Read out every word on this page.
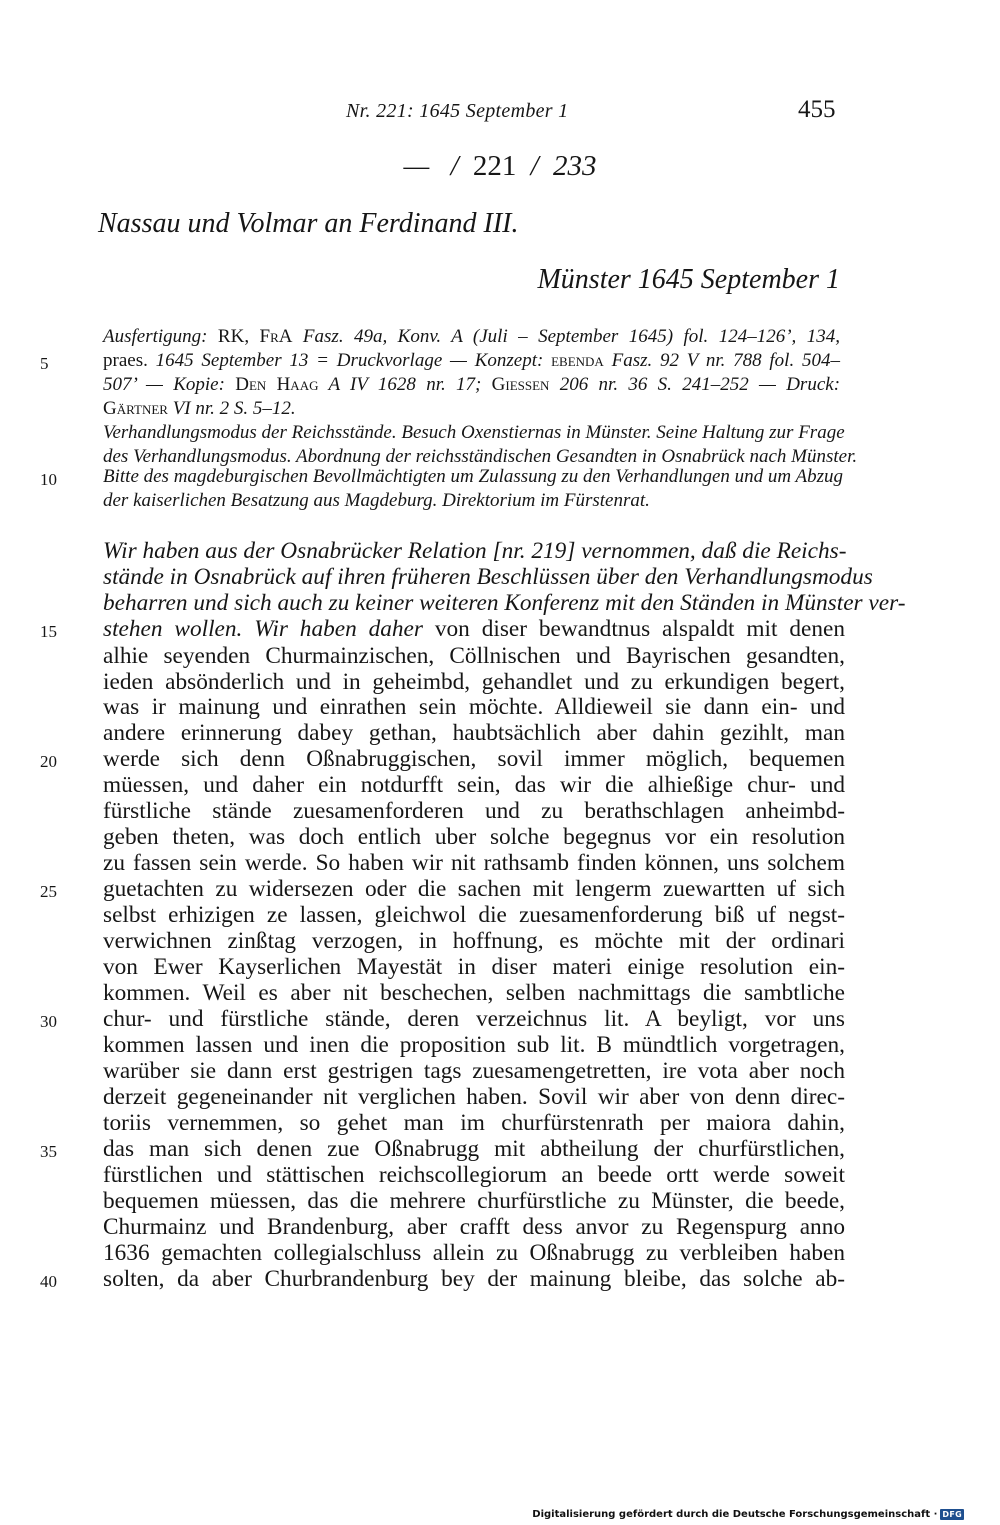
Nr. 221: 1645 September 1	455
— / 221 / 233
Nassau und Volmar an Ferdinand III.
Münster 1645 September 1
Ausfertigung: RK, FrA Fasz. 49a, Konv. A (Juli – September 1645) fol. 124–126’, 134,
5	praes. 1645 September 13 = Druckvorlage — Konzept: ebenda Fasz. 92 V nr. 788 fol. 504–
507’ — Kopie: Den Haag A IV 1628 nr. 17; Giessen 206 nr. 36 S. 241–252 — Druck:
Gärtner VI nr. 2 S. 5–12.
Verhandlungsmodus der Reichsstände. Besuch Oxenstiernas in Münster. Seine Haltung zur Frage
des Verhandlungsmodus. Abordnung der reichsständischen Gesandten in Osnabrück nach Münster.
10 Bitte des magdeburgischen Bevollmächtigten um Zulassung zu den Verhandlungen und um Abzug
der kaiserlichen Besatzung aus Magdeburg. Direktorium im Fürstenrat.
Wir haben aus der Osnabrücker Relation [nr. 219] vernommen, daß die Reichs-
stände in Osnabrück auf ihren früheren Beschlüssen über den Verhandlungsmodus
beharren und sich auch zu keiner weiteren Konferenz mit den Ständen in Münster ver-
15 stehen wollen. Wir haben daher von diser bewandtnus alspaldt mit denen
alhie seyenden Churmainzischen, Cöllnischen und Bayrischen gesandten,
ieden absönderlich und in geheimbd, gehandlet und zu erkundigen begert,
was ir mainung und einrathen sein möchte. Alldieweil sie dann ein- und
andere erinnerung dabey gethan, haubtsächlich aber dahin gezihlt, man
20 werde sich denn Oßnabruggischen, sovil immer möglich, bequemen
müessen, und daher ein notdurfft sein, das wir die alhießige chur- und
fürstliche stände zuesamenforderen und zu berathschlagen anheimbd-
geben theten, was doch entlich uber solche begegnus vor ein resolution
zu fassen sein werde. So haben wir nit rathsamb finden können, uns solchem
25 guetachten zu widersezen oder die sachen mit lengerm zuewartten uf sich
selbst erhizigen ze lassen, gleichwol die zuesamenforderung biß uf negst-
verwichnen zinßtag verzogen, in hoffnung, es möchte mit der ordinari
von Ewer Kayserlichen Mayestät in diser materi einige resolution ein-
kommen. Weil es aber nit beschechen, selben nachmittags die sambtliche
30 chur- und fürstliche stände, deren verzeichnus lit. A beyligt, vor uns
kommen lassen und inen die proposition sub lit. B mündtlich vorgetragen,
warüber sie dann erst gestrigen tags zuesamengetretten, ire vota aber noch
derzeit gegeneinander nit verglichen haben. Sovil wir aber von denn direc-
toriis vernemmen, so gehet man im churfürstenrath per maiora dahin,
35 das man sich denen zue Oßnabrugg mit abtheilung der churfürstlichen,
fürstlichen und stättischen reichscollegiorum an beede ortt werde soweit
bequemen müessen, das die mehrere churfürstliche zu Münster, die beede,
Churmainz und Brandenburg, aber crafft dess anvor zu Regenspurg anno
1636 gemachten collegialschluss allein zu Oßnabrugg zu verbleiben haben
40 solten, da aber Churbrandenburg bey der mainung bleibe, das solche ab-
Digitalisierung gefördert durch die Deutsche Forschungsgemeinschaft · DFG
